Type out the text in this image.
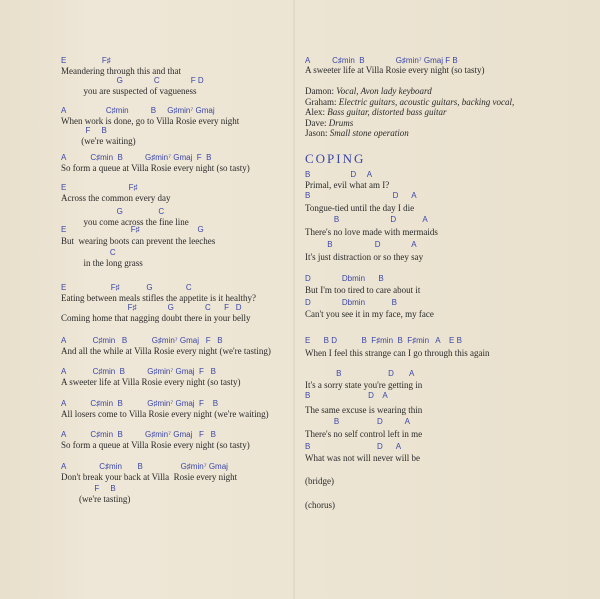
COPING
(bridge)
(chorus)
E                F♯
Meandering through this and that
G              C              F D
you are suspected of vagueness
A                  C♯min          B     G♯min⁷ Gmaj
When work is done, go to Villa Rosie every night
F     B
(we're waiting)
A           C♯min  B          G♯min⁷ Gmaj  F  B
So form a queue at Villa Rosie every night (so tasty)
E                            F♯
Across the common every day
G                C
you come across the fine line
E                             F♯                          G
But  wearing boots can prevent the leeches
C
in the long grass
E                    F♯            G               C
Eating between meals stifles the appetite is it healthy?
F♯              G              C      F   D
Coming home that nagging doubt there in your belly
A            C♯min   B           G♯min⁷ Gmaj   F   B
And all the while at Villa Rosie every night (we're tasting)
A            C♯min  B          G♯min⁷ Gmaj  F   B
A sweeter life at Villa Rosie every night (so tasty)
A           C♯min  B           G♯min⁷ Gmaj  F    B
All losers come to Villa Rosie every night (we're waiting)
A           C♯min  B          G♯min⁷ Gmaj   F   B
So form a queue at Villa Rosie every night (so tasty)
A               C♯min       B                 G♯min⁷ Gmaj
Don't break your back at Villa  Rosie every night
F     B
(we're tasting)
A          C♯min  B              G♯min⁷ Gmaj F B
A sweeter life at Villa Rosie every night (so tasty)
B                  D     A
Primal, evil what am I?
B                                     D      A
Tongue-tied until the day I die
B                       D            A
There's no love made with mermaids
B                   D              A
It's just distraction or so they say
D              Dbmin      B
But I'm too tired to care about it
D              Dbmin            B
Can't you see it in my face, my face
E      B D           B  F♯min  B  F♯min   A    E B
When I feel this strange can I go through this again
B                     D       A
It's a sorry state you're getting in
B                          D    A
The same excuse is wearing thin
B                 D          A
There's no self control left in me
B                              D      A
What was not will never will be
Damon: Vocal, Avon lady keyboard
Graham: Electric guitars, acoustic guitars, backing vocal,
Alex: Bass guitar, distorted bass guitar
Dave: Drums
Jason: Small stone operation
